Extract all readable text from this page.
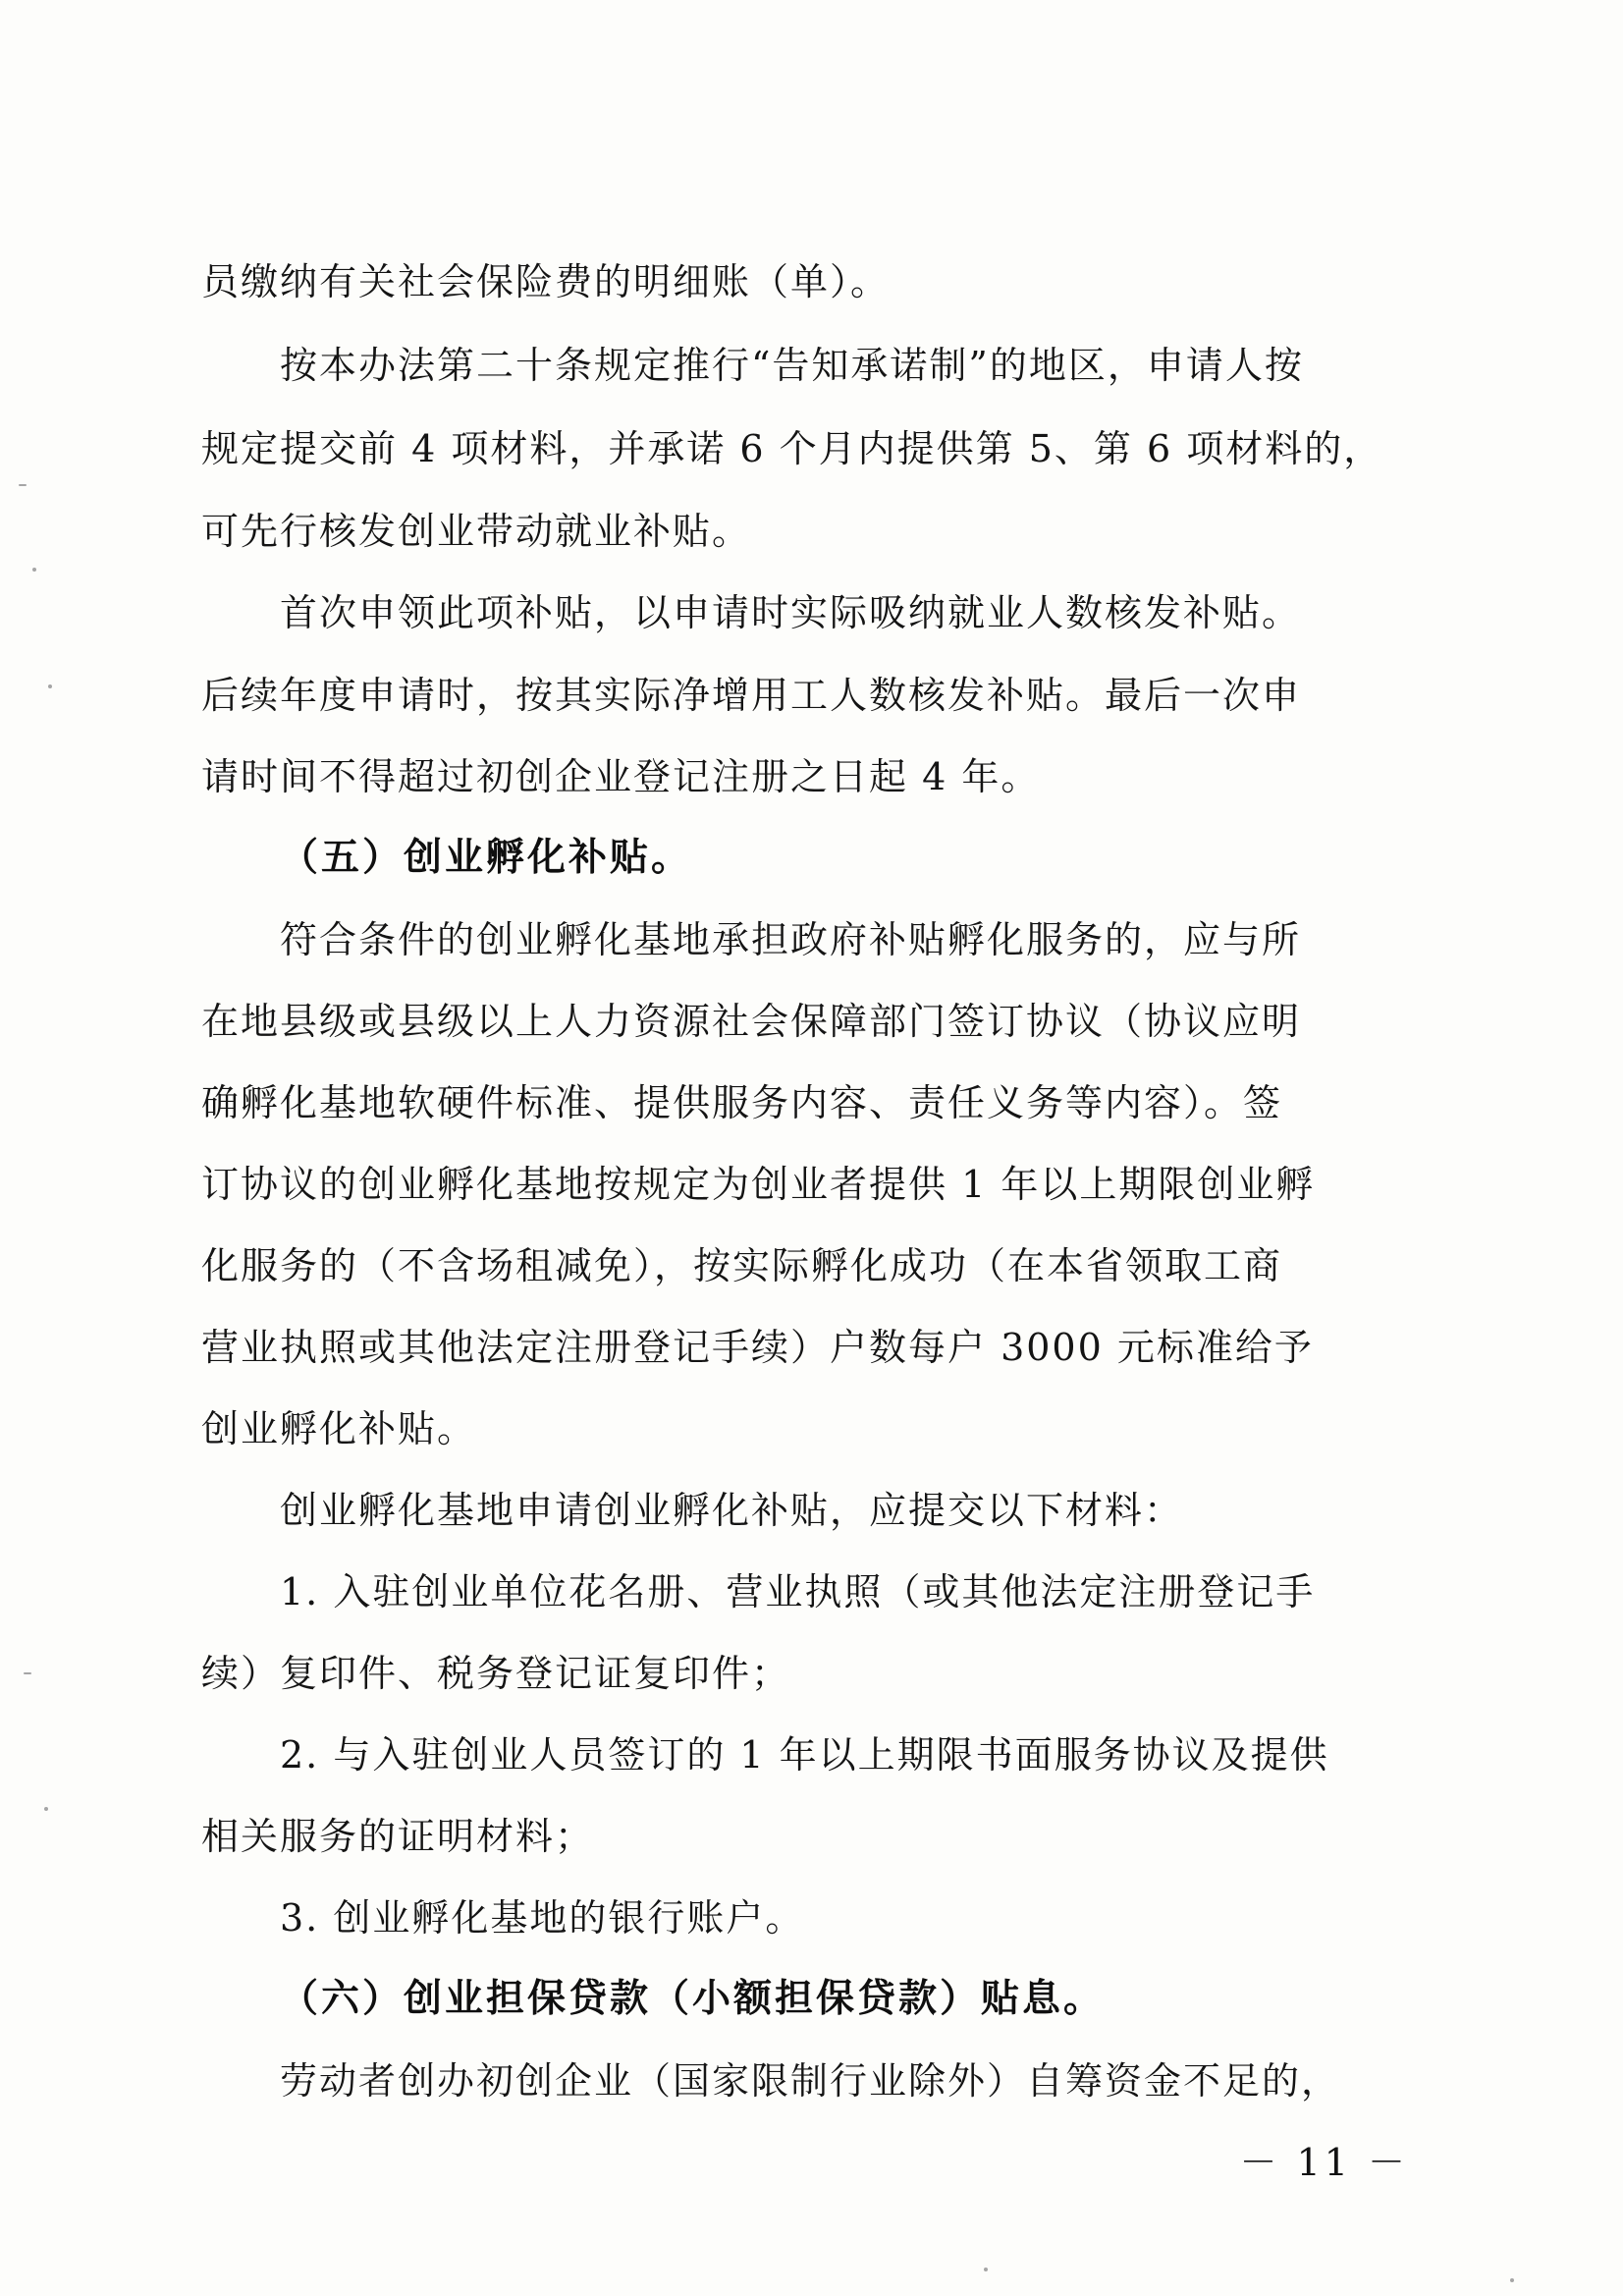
员缴纳有关社会保险费的明细账（单）。
按本办法第二十条规定推行“告知承诺制”的地区，申请人按
规定提交前 4 项材料，并承诺 6 个月内提供第 5、第 6 项材料的，
可先行核发创业带动就业补贴。
首次申领此项补贴，以申请时实际吸纳就业人数核发补贴。
后续年度申请时，按其实际净增用工人数核发补贴。最后一次申
请时间不得超过初创企业登记注册之日起 4 年。
（五）创业孵化补贴。
符合条件的创业孵化基地承担政府补贴孵化服务的，应与所
在地县级或县级以上人力资源社会保障部门签订协议（协议应明
确孵化基地软硬件标准、提供服务内容、责任义务等内容）。签
订协议的创业孵化基地按规定为创业者提供 1 年以上期限创业孵
化服务的（不含场租减免），按实际孵化成功（在本省领取工商
营业执照或其他法定注册登记手续）户数每户 3000 元标准给予
创业孵化补贴。
创业孵化基地申请创业孵化补贴，应提交以下材料：
1. 入驻创业单位花名册、营业执照（或其他法定注册登记手
续）复印件、税务登记证复印件；
2. 与入驻创业人员签订的 1 年以上期限书面服务协议及提供
相关服务的证明材料；
3. 创业孵化基地的银行账户。
（六）创业担保贷款（小额担保贷款）贴息。
劳动者创办初创企业（国家限制行业除外）自筹资金不足的，
－ 11 －
